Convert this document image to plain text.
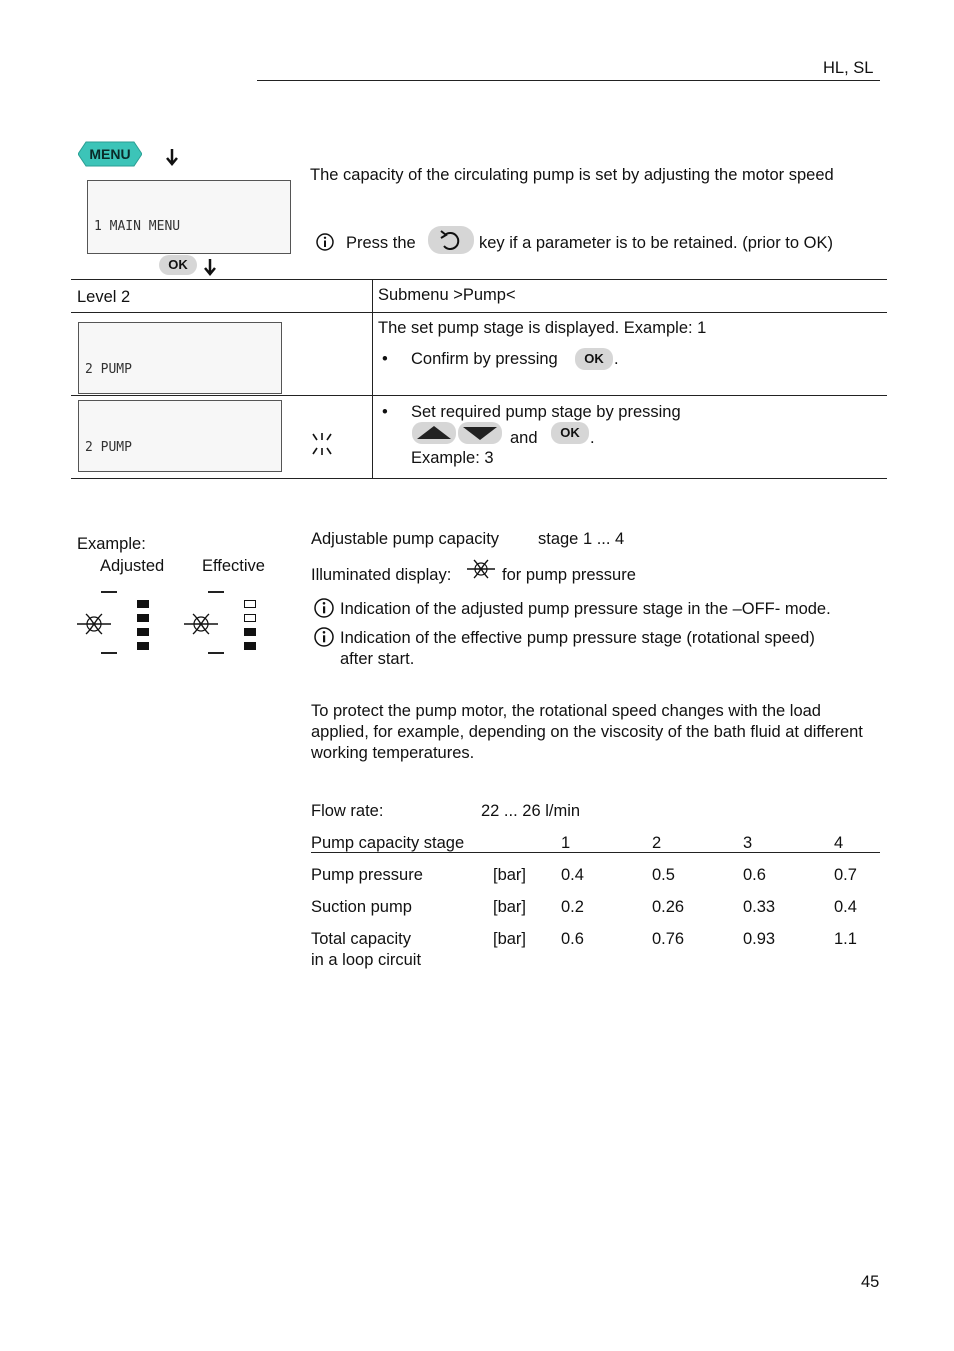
HL, SL
MENU

1 MAIN MENU

OK
The capacity of the circulating pump is set by adjusting the motor speed
Press the	key if a parameter is to be retained. (prior to OK)
Level 2	Submenu >Pump<

2 PUMP

The set pump stage is displayed. Example: 1
• Confirm by pressing	OK .

2 PUMP

• Set required pump stage by pressing
and	OK .
Example: 3
Example:
Adjusted Effective
Adjustable pump capacity stage 1 ... 4
Illuminated display:	for pump pressure
Indication of the adjusted pump pressure stage in the –OFF- mode.
Indication of the effective pump pressure stage (rotational speed)
after start.
To protect the pump motor, the rotational speed changes with the load applied, for example, depending on the viscosity of the bath fluid at different working temperatures.
Flow rate:	22 ... 26 l/min
Pump capacity stage	1	2	3	4
Pump pressure	[bar] 0.4	0.5	0.6	0.7
Suction pump	[bar] 0.2	0.26	0.33	0.4
Total capacity
in a loop circuit
[bar] 0.6	0.76	0.93	1.1
45
